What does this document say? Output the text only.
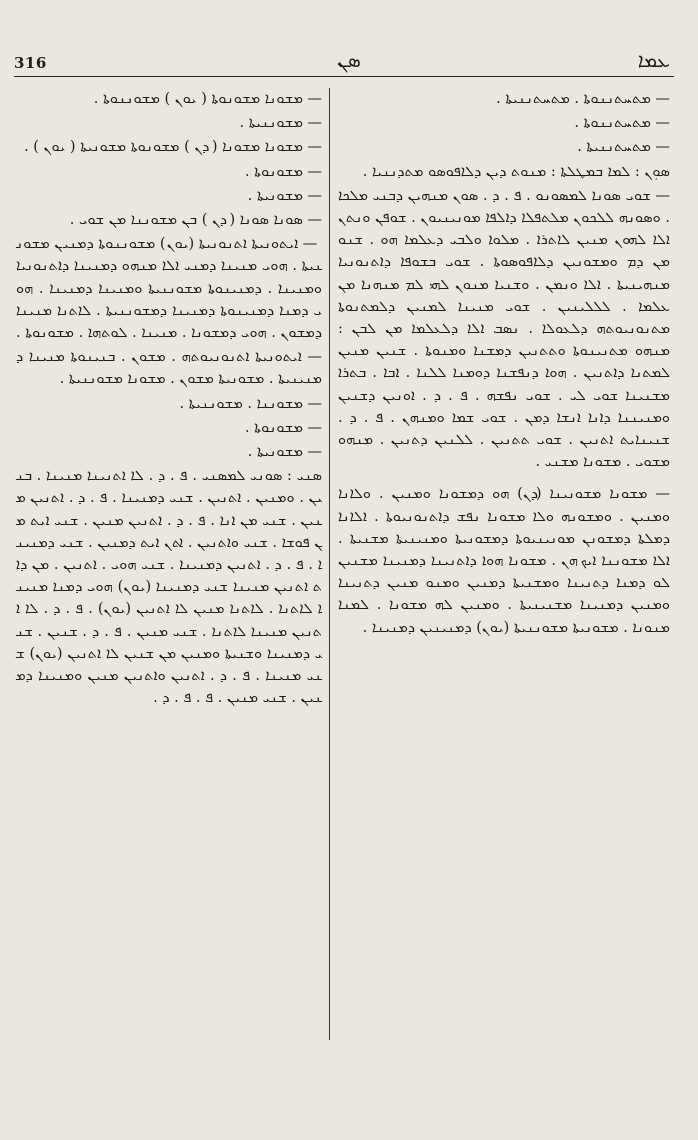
316	ܣܢ	ܥܡܐ

— ܡܬܚܬܢܢܘܬܐ . ܡܬܚܬܢܢܝܬܐ .

— ܡܬܚܬܢܢܘܬܐ .

— ܡܬܚܬܢܢܝܬܐ .

ܣܘܼܢ : ܠܡܐ ܒܡܛܠܬܐ : ܡܢܘܬ ܕܝܢ ܕܠܐܦܘܣܘ ܡܬܕܢܢܝܐ .

— ܫܘܝ ܣܘܢܐ ܠܡܣܘܢܘ . ܦ . ܕ . ܣܘܢ ܡܢܗܝܢ ܕܒܢܝ ܡܠܟܐ . ܘܣܘܢܗ ܠܠܟܘܢ ܡܠܬܦܠܐ ܕܐܠܦܐ ܡܘܢܝܢܝܘܢ . ܫܘܦܢ ܘܢܬܢ ܐܠܐ ܠܗܘܢ ܡܢܝܢ ܠܐܬܪܐ . ܡܠܘܐ ܘܠܒܝ ܕܥܠܡܐ ܗܘ . ܫܢܘ ܡܢ ܕܡ ܘܡܫܘܢܝܢ ܕܠܐܦܘܣܘܬܐ . ܫܘܝ ܒܫܘܦܐ ܕܐܬܢܘܢܝܐ ܡܢܗܝܢܝܬܐ . ܐܠܐ ܘܢܡܢ . ܘܫܢܝܐ ܡܢܘܢ ܠܗܝ ܠܡ ܡܢܗܢܐ ܡܢ ܥܠܡܐ . ܠܠܠܝܢܝܢ . ܫܘܝ ܡܢܝܢܐ ܠܡܢܝܢ ܕܠܡܬܢܘܬܐ ܡܬܢܘܢܝܘܬܗ ܕܠܥܘܠܐ . ܢܣܒ ܐܠܐ ܕܠܥܠܡܐ ܡܢ ܠܒܢ : ܡܢܗܘ ܡܬܢܝܢܘܬܐ ܘܬܬܢܝܢ ܕܡܫܢܐ ܘܡܢܘܬܐ . ܫܢܝܢ ܡܢܝܢ ܠܡܬܢܐ ܕܐܬܢܝܢ . ܗܘܐ ܕܢܦܫܢܐ ܕܘܡܢܐ ܠܠܢܐ . ܐܒܐ . ܒܬܪܐ ܡܫܢܝܢܐ ܫܘܝ ܠܝ . ܫܘܝ ܢܦܫܗ . ܦ . ܕ . ܐܘܢܝܢ ܕܫܢܝܢ ܘܡܢܝܢܢܐ ܕܐܢܐ ܐܢܫܐ ܕܡܢ . ܫܘܝ ܫܡܐ ܘܡܢܗܢ . ܦ . ܕ . ܫܢܝܢܐܝܬ ܐܬܢܝܢ . ܫܘܝ ܬܬܢܝܢ . ܠܠܢܝܢ ܕܬܢܝܢ . ܡܢܗܘ ܡܫܘܝ . ܡܫܘܢܐ ܡܫܢܝ .

— ܡܫܘܢܐ ܡܫܘܢܝܢܐ (ܕܢ) ܗܘ ܕܡܫܘܢܐ ܘܡܢܝܢ . ܘܠܐܢܐ ܘܡܢܝܢ . ܘܡܫܘܢܗ ܘܠܐ ܡܫܘܢܐ ܢܦܫ ܕܐܬܢܘܢܝܘܬܐ . ܐܠܐܢܐ ܕܡܠܬܐ ܕܡܫܘܢܢ ܡܘܢܝܢܝܘܬܐ ܕܡܫܘܢܝܬܐ ܘܡܢܝܢܝܬܐ ܡܫܢܝܬܐ . ܐܠܐ ܡܫܘܢܢܐ ܐܝܟ ܗܢ . ܡܫܘܢܐ ܗܘܐ ܕܐܬܢܝܢܐ ܕܡܢܝܢܐ ܡܫܢܝܢ ܠܘ ܕܡܢܐ ܕܬܢܝܢܐ ܘܡܫܢܝܬܐ ܕܡܢܝܢ ܘܡܢܘ ܡܢܝܢ ܕܬܢܝܢܐ ܘܡܢܝܢ ܕܡܢܝܢܐ ܡܫܢܝܢܝܬܐ . ܘܡܢܝܢ ܠܗ ܡܫܘܢܐ . ܠܡܢܐ ܡܢܘܢܐ . ܡܫܘܢܝܬܐ ܡܫܘܢܢܝܬܐ (ܝܘܢ) ܕܡܢܝܢܝܢ ܕܡܢܝܢܐ .

— ܡܫܘܢܐ ܡܫܘܢܘܬܐ ( ܝܘܢ ) ܡܫܘܢܢܘܬܐ .

— ܡܫܘܢܢܝܬܐ .

— ܡܫܘܢܐ ܡܫܘܢܐ ( ܕܢ ) ܡܫܘܢܘܬܐ ܡܫܘܢܝܬܐ ( ܝܘܢ ) .

— ܡܫܘܢܘܬܐ .

— ܡܫܘܢܝܬܐ .

— ܣܘܢܐ ܣܘܢܐ ( ܕܢ ) ܒܢ ܡܫܘܢܢܐ ܡܢ ܫܘܝ .

— ܐܝܬܘܢܝܬܐ ܐܬܢܘܢܝܬܐ (ܝܘܢ) ܡܫܘܢܢܘܬܐ ܕܡܢܝܢ ܡܫܘܢܢܝܬܐ . ܗܘܝ ܡܢܝܢܐ ܕܡܢܝ ܐܠܐ ܡܢܗܘ ܕܡܢܝܢܐ ܕܐܬܢܘܢܝܐ ܘܡܢܝܢܐ . ܕܡܢܝܢܘܬܐ ܡܫܘܢܢܝܬܐ ܘܡܢܝܢܐ ܕܡܢܝܢܐ . ܗܘܝ ܕܡܢܐ ܕܡܢܝܢܘܬܐ ܕܡܢܝܢܐ ܕܡܫܘܢܢܝܬܐ . ܠܐܬܢܐ ܡܢܝܢܐ ܕܡܫܘܢ . ܗܘܝ ܕܡܫܘܢܐ . ܡܢܝܢܐ . ܠܘܬܗܐ . ܡܫܘܢܘܬܐ .

— ܐܝܬܘܢܝܬܐ ܐܬܢܘܢܝܘܬܗ . ܡܫܘܢ . ܒܢܝܢܘܬܐ ܡܢܝܢܐ ܕܡܢܝܢܝܬܐ . ܡܫܘܢܝܬܐ ܡܫܘܢ . ܡܫܘܢܐ ܡܫܘܢܢܝܬܐ .

— ܡܫܘܢܢܐ . ܡܫܘܢܢܝܬܐ .

— ܡܫܘܢܘܬܐ .

— ܡܫܘܢܝܬܐ .

ܣܢܝ : ܣܘܢܝ ܠܡܣܢܝ . ܦ . ܕ . ܠܐ ܐܬܢܝܢܐ ܡܢܝܢܐ . ܒܢܝܢ . ܘܡܢܝܢ . ܐܬܢܝܢ . ܫܢܝ ܕܡܢܝܢܐ . ܦ . ܕ . ܐܬܢܝܢ ܡܢܝܢ . ܫܢܝ ܡܢ ܐܢܐ . ܦ . ܕ . ܐܬܢܝܢ ܡܢܝܢ . ܫܢܝ ܐܝܬ ܡܢ ܦܘܫܐ . ܫܢܝ ܘܐܬܢܝܢ . ܐܬܢ ܐܝܬ ܕܡܢܝܢ . ܫܢܝ ܕܡܢܝܢܐ . ܦ . ܕ . ܐܬܢܝܢ ܕܡܢܝܢܐ . ܫܢܝ ܗܘܝ . ܐܬܢܝܢ . ܡܢ ܕܐܬ ܐܬܢܝܢ ܡܢܝܢܐ ܫܢܝ ܕܡܢܝܢܐ (ܝܘܢ) ܗܘܝ ܕܡܢܐ ܡܢܝܢܐ ܠܐܬܢܐ . ܠܐܬܢܐ ܡܢܝܢ ܠܐ ܐܬܢܝܢ (ܝܘܢ) . ܦ . ܕ . ܠܐ ܐܬܢܝܢ ܡܢܝܢܐ ܠܐܬܢܐ . ܫܢܝ ܡܢܝܢ . ܦ . ܕ . ܫܢܝܢ . ܫܢܝ ܕܡܢܝܢܐ ܘܫܢܝܬܐ ܘܡܢܝܢ ܡܢ ܫܢܝܢ ܠܐ ܐܬܢܝܢ (ܝܘܢ) ܫܢܝ ܡܢܝܢܐ . ܦ . ܕ . ܐܬܢܝܢ ܘܐܬܢܝܢ ܡܢܝܢ ܘܡܢܝܢܐ ܕܡܢܝܢ . ܫܢܝ ܡܢܝܢ . ܦ . ܦ . ܕ .
